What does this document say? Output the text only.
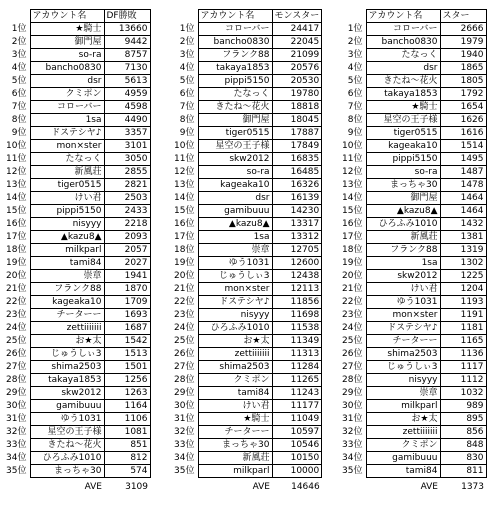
	アカウント名	DF勝敗
1位	★騎士	13660
2位	御門屋	9442
3位	so-ra	8757
4位	bancho0830	7130
5位	dsr	5613
6位	クミポン	4959
7位	コローバー	4598
8位	1sa	4490
9位	ドステシヤ♪	3357
10位	mon×ster	3101
11位	たなっく	3050
12位	新風荘	2855
13位	tiger0515	2821
14位	けい君	2503
15位	pippi5150	2433
16位	nisyyy	2218
17位	▲kazu8▲	2093
18位	milkparl	2057
19位	tami84	2027
20位	崇章	1941
21位	フランク88	1870
22位	kageaka10	1709
23位	チーターー	1693
24位	zettiiiiiii	1687
25位	お★太	1542
26位	じゅうしぃ3	1513
27位	shima2503	1501
28位	takaya1853	1256
29位	skw2012	1263
30位	gamibuuu	1164
31位	ゆう1031	1106
32位	星空の王子様	1081
33位	きたね～花火	851
34位	ひろふみ1010	812
35位	まっちゃ30	574
	AVE	3109
	アカウント名	モンスター
1位	コローバー	24417
2位	bancho0830	22045
3位	フランク88	21099
4位	takaya1853	20576
5位	pippi5150	20530
6位	たなっく	19780
7位	きたね～花火	18818
8位	御門屋	18045
9位	tiger0515	17887
10位	星空の王子様	17849
11位	skw2012	16835
12位	so-ra	16485
13位	kageaka10	16326
14位	dsr	16139
15位	gamibuuu	14230
16位	▲kazu8▲	13317
17位	1sa	13312
18位	崇章	12705
19位	ゆう1031	12600
20位	じゅうしぃ3	12438
21位	mon×ster	12113
22位	ドステシヤ♪	11856
23位	nisyyy	11698
24位	ひろふみ1010	11538
25位	お★太	11349
26位	zettiiiiiii	11313
27位	shima2503	11284
28位	クミポン	11265
29位	tami84	11243
30位	けい君	11177
31位	★騎士	11049
32位	チーターー	10597
33位	まっちゃ30	10546
34位	新風荘	10150
35位	milkparl	10000
	AVE	14646
	アカウント名	スター
1位	コローバー	2666
2位	bancho0830	1979
3位	たなっく	1940
4位	dsr	1865
5位	きたね～花火	1805
6位	takaya1853	1792
7位	★騎士	1654
8位	星空の王子様	1626
9位	tiger0515	1616
10位	kageaka10	1514
11位	pippi5150	1495
12位	so-ra	1487
13位	まっちゃ30	1478
14位	御門屋	1464
15位	▲kazu8▲	1464
16位	ひろふみ1010	1432
17位	新風荘	1381
18位	フランク88	1319
19位	1sa	1302
20位	skw2012	1225
21位	けい君	1204
22位	ゆう1031	1193
23位	mon×ster	1191
24位	ドステシヤ♪	1181
25位	チーターー	1165
26位	shima2503	1136
27位	じゅうしぃ3	1117
28位	nisyyy	1112
29位	崇章	1032
30位	milkparl	989
31位	お★太	895
32位	zettiiiiiii	856
33位	クミポン	848
34位	gamibuuu	830
35位	tami84	811
	AVE	1373
